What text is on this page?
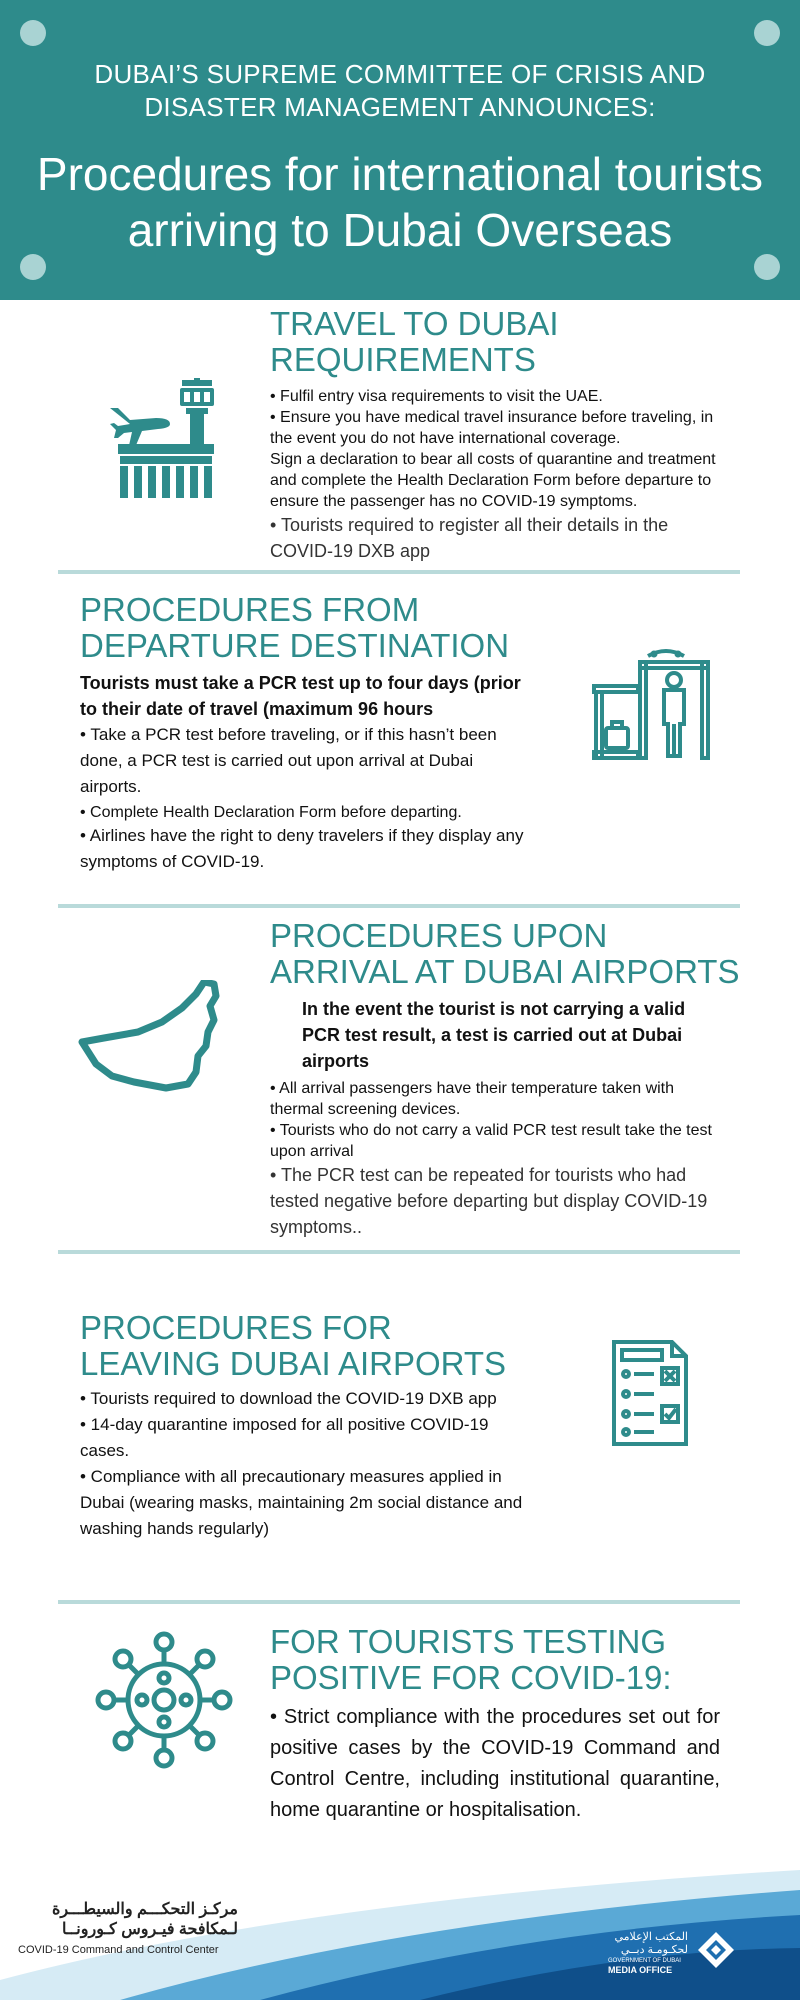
DUBAI’S SUPREME COMMITTEE OF CRISIS AND DISASTER MANAGEMENT ANNOUNCES:
Procedures for international tourists arriving to Dubai Overseas
TRAVEL TO DUBAI REQUIREMENTS

• Fulfil entry visa requirements to visit the UAE.

• Ensure you have medical travel insurance before traveling, in the event you do not have international coverage.

Sign a declaration to bear all costs of quarantine and treatment and complete the Health Declaration Form before departure to ensure the passenger has no COVID-19 symptoms.

• Tourists required to register all their details in the COVID-19 DXB app

PROCEDURES FROM DEPARTURE DESTINATION

Tourists must take a PCR test up to four days (prior to their date of travel (maximum 96 hours

• Take a PCR test before traveling, or if this hasn’t been done, a PCR test is carried out upon arrival at Dubai airports.

• Complete Health Declaration Form before departing.

• Airlines have the right to deny travelers if they display any symptoms of COVID-19.

PROCEDURES UPON ARRIVAL AT DUBAI AIRPORTS

In the event the tourist is not carrying a valid PCR test result, a test is carried out at Dubai airports

• All arrival passengers have their temperature taken with thermal screening devices.

• Tourists who do not carry a valid PCR test result take the test upon arrival

• The PCR test can be repeated for tourists who had tested negative before departing but display COVID-19 symptoms..

PROCEDURES FOR LEAVING DUBAI AIRPORTS

• Tourists required to download the COVID-19 DXB app

• 14-day quarantine imposed for all positive COVID-19 cases.

• Compliance with all precautionary measures applied in Dubai (wearing masks, maintaining 2m social distance and washing hands regularly)

FOR TOURISTS TESTING POSITIVE FOR COVID-19:

• Strict compliance with the procedures set out for positive cases by the COVID-19 Command and Control Centre, including institutional quarantine, home quarantine or hospitalisation.

مركـز التحكـــم والسيطـــرة
لـمكافحة فيـروس كـورونــا
COVID-19 Command and Control Center
المكتب الإعلامي
لحكـومـة دبــي
GOVERNMENT OF DUBAI
MEDIA OFFICE
